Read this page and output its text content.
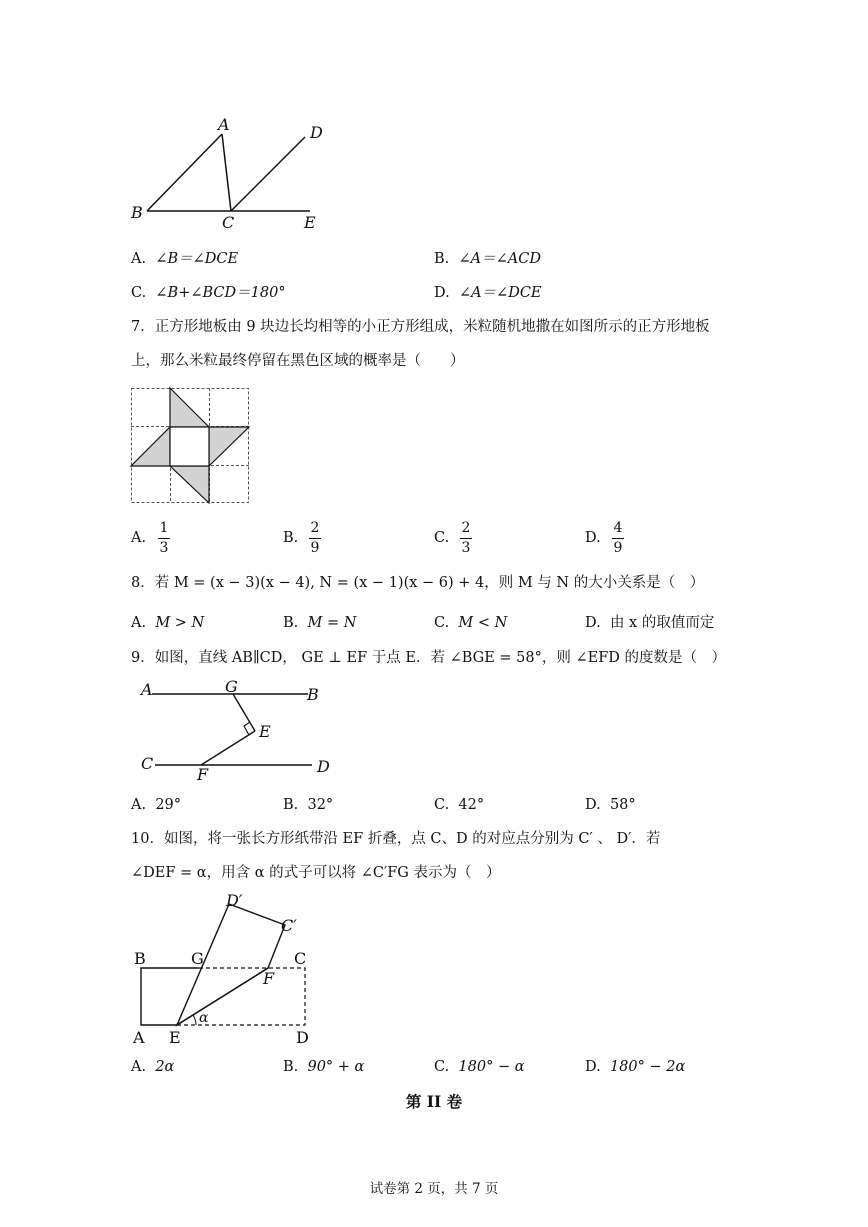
A	D
B
C	E
A. ∠B＝∠DCE	B. ∠A＝∠ACD
C. ∠B+∠BCD＝180°	D. ∠A＝∠DCE
7．正方形地板由 9 块边长均相等的小正方形组成，米粒随机地撒在如图所示的正方形地板
上，那么米粒最终停留在黑色区域的概率是（　　）
A. $\frac{1}{3}$	B. $\frac{2}{9}$	C. $\frac{2}{3}$	D. $\frac{4}{9}$
8．若 M = (x − 3)(x − 4), N = (x − 1)(x − 6) + 4，则 M 与 N 的大小关系是（　）
A. M > N	B. M = N	C. M < N	D. 由 x 的取值而定
9．如图，直线 AB∥CD， GE ⊥ EF 于点 E．若 ∠BGE = 58°，则 ∠EFD 的度数是（　）
A	G	B
E
C
F	D
A. 29°	B. 32°	C. 42°	D. 58°
10．如图，将一张长方形纸带沿 EF 折叠，点 C、D 的对应点分别为 C′ 、 D′．若
∠DEF = α，用含 α 的式子可以将 ∠C′FG 表示为（　）
D′
C′
B	G	C
F
α
A E	D
A. 2α	B. 90° + α	C. 180° − α	D. 180° − 2α
第 II 卷
试卷第 2 页，共 7 页
